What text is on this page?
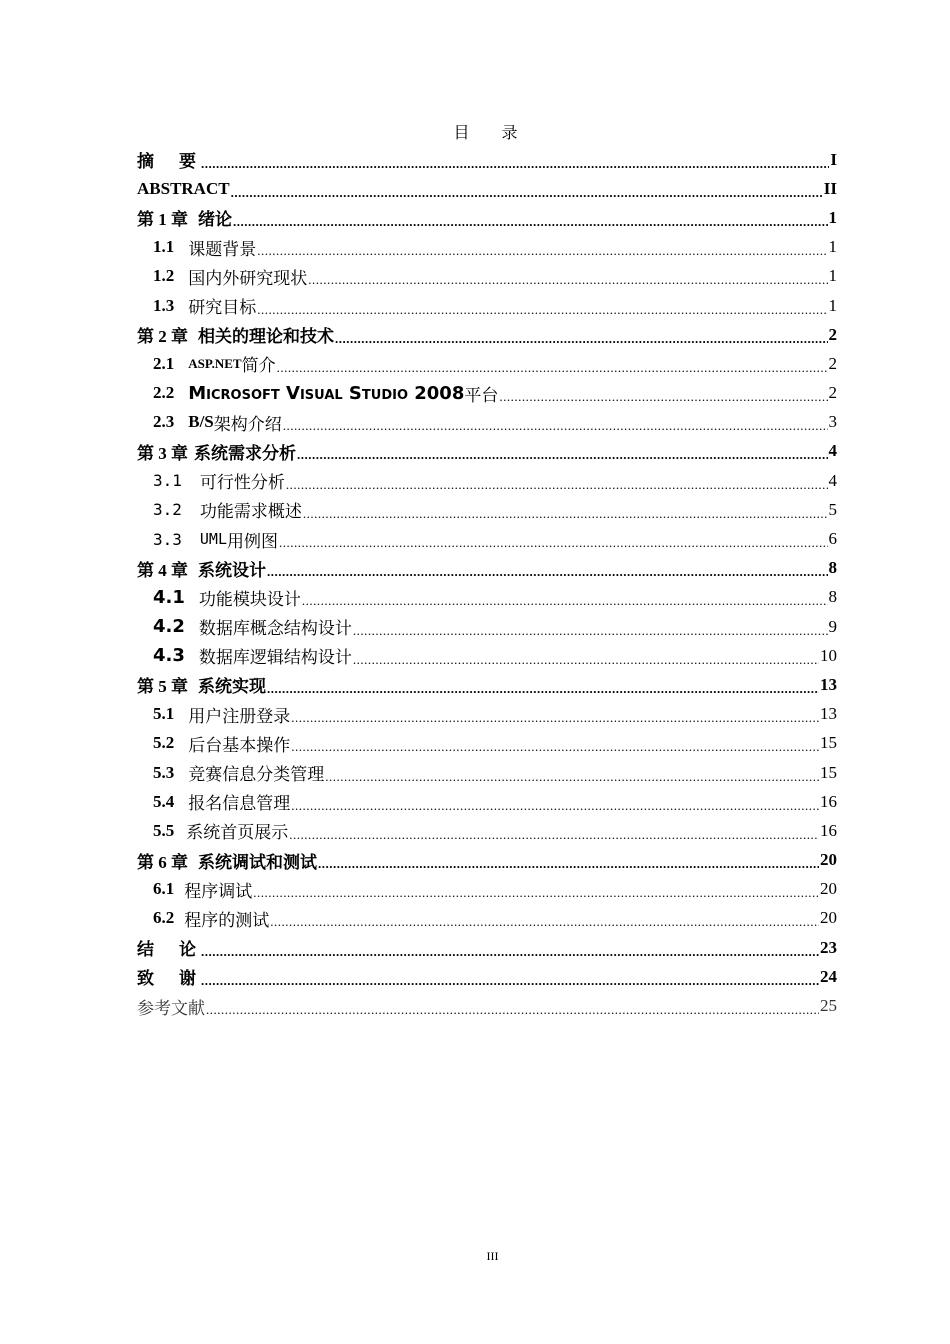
目 录
摘　要 .....	I
ABSTRACT .....	II
第 1 章 绪论 .....	1
1.1 课题背景 .....	1
1.2 国内外研究现状 .....	1
1.3 研究目标 .....	1
第 2 章 相关的理论和技术 .....	2
2.1 ASP.NET 简介 .....	2
2.2 Microsoft Visual Studio 2008 平台 .....	2
2.3 B/S 架构介绍 .....	3
第 3 章 系统需求分析 .....	4
3.1 可行性分析 .....	4
3.2 功能需求概述 .....	5
3.3 UML 用例图 .....	6
第 4 章 系统设计 .....	8
4.1 功能模块设计 .....	8
4.2 数据库概念结构设计 .....	9
4.3 数据库逻辑结构设计 .....	10
第 5 章 系统实现 .....	13
5.1 用户注册登录 .....	13
5.2 后台基本操作 .....	15
5.3 竞赛信息分类管理 .....	15
5.4 报名信息管理 .....	16
5.5 系统首页展示 .....	16
第 6 章 系统调试和测试 .....	20
6.1 程序调试 .....	20
6.2 程序的测试 .....	20
结　论 .....	23
致　谢 .....	24
参考文献 .....	25
III
